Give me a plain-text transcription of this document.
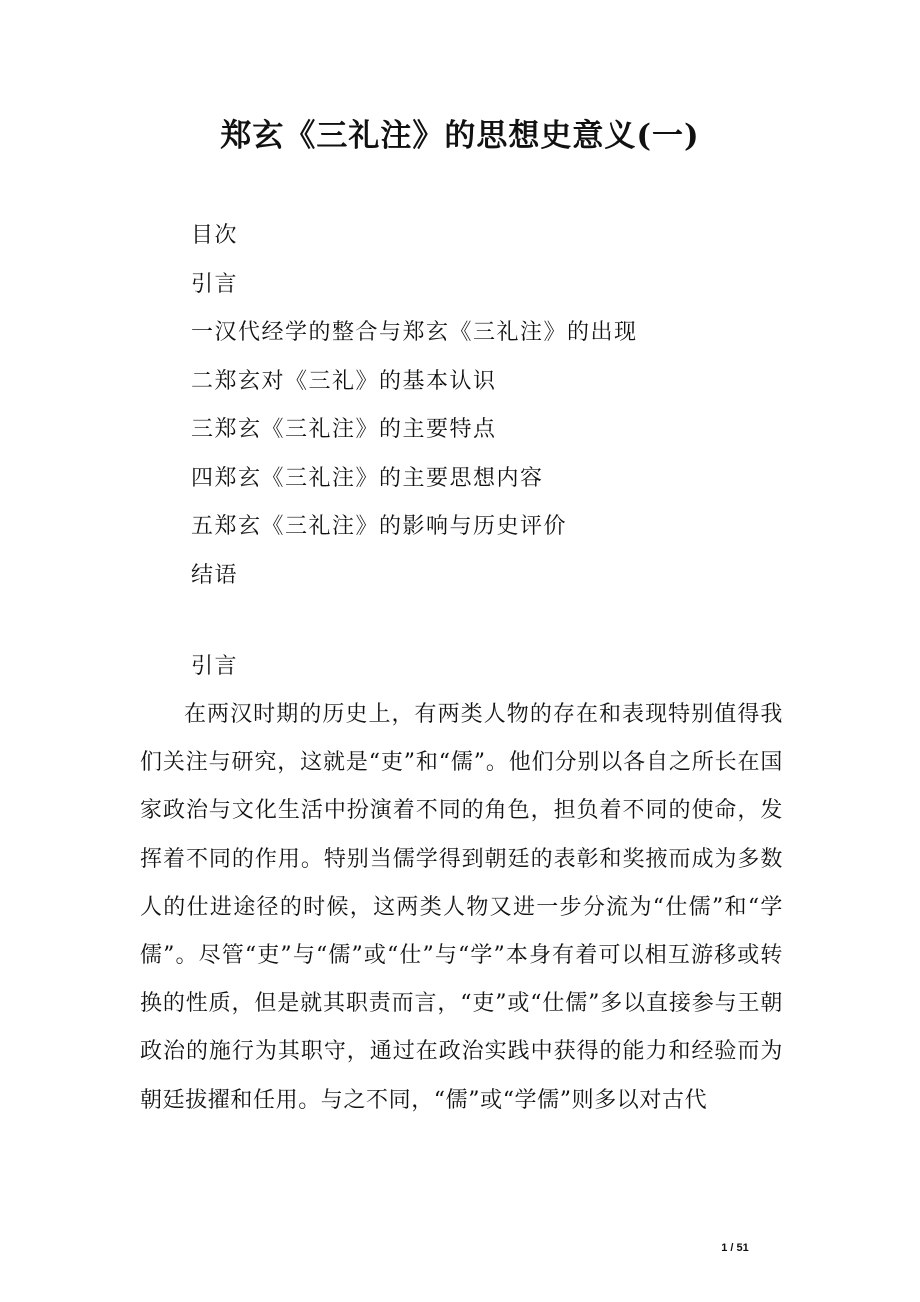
郑玄《三礼注》的思想史意义(一)
目次
引言
一汉代经学的整合与郑玄《三礼注》的出现
二郑玄对《三礼》的基本认识
三郑玄《三礼注》的主要特点
四郑玄《三礼注》的主要思想内容
五郑玄《三礼注》的影响与历史评价
结语
引言

在两汉时期的历史上，有两类人物的存在和表现特别值得我们关注与研究，这就是“吏”和“儒”。他们分别以各自之所长在国家政治与文化生活中扮演着不同的角色，担负着不同的使命，发挥着不同的作用。特别当儒学得到朝廷的表彰和奖掖而成为多数人的仕进途径的时候，这两类人物又进一步分流为“仕儒”和“学儒”。尽管“吏”与“儒”或“仕”与“学”本身有着可以相互游移或转换的性质，但是就其职责而言，“吏”或“仕儒”多以直接参与王朝政治的施行为其职守，通过在政治实践中获得的能力和经验而为朝廷拔擢和任用。与之不同，“儒”或“学儒”则多以对古代

1 / 51
